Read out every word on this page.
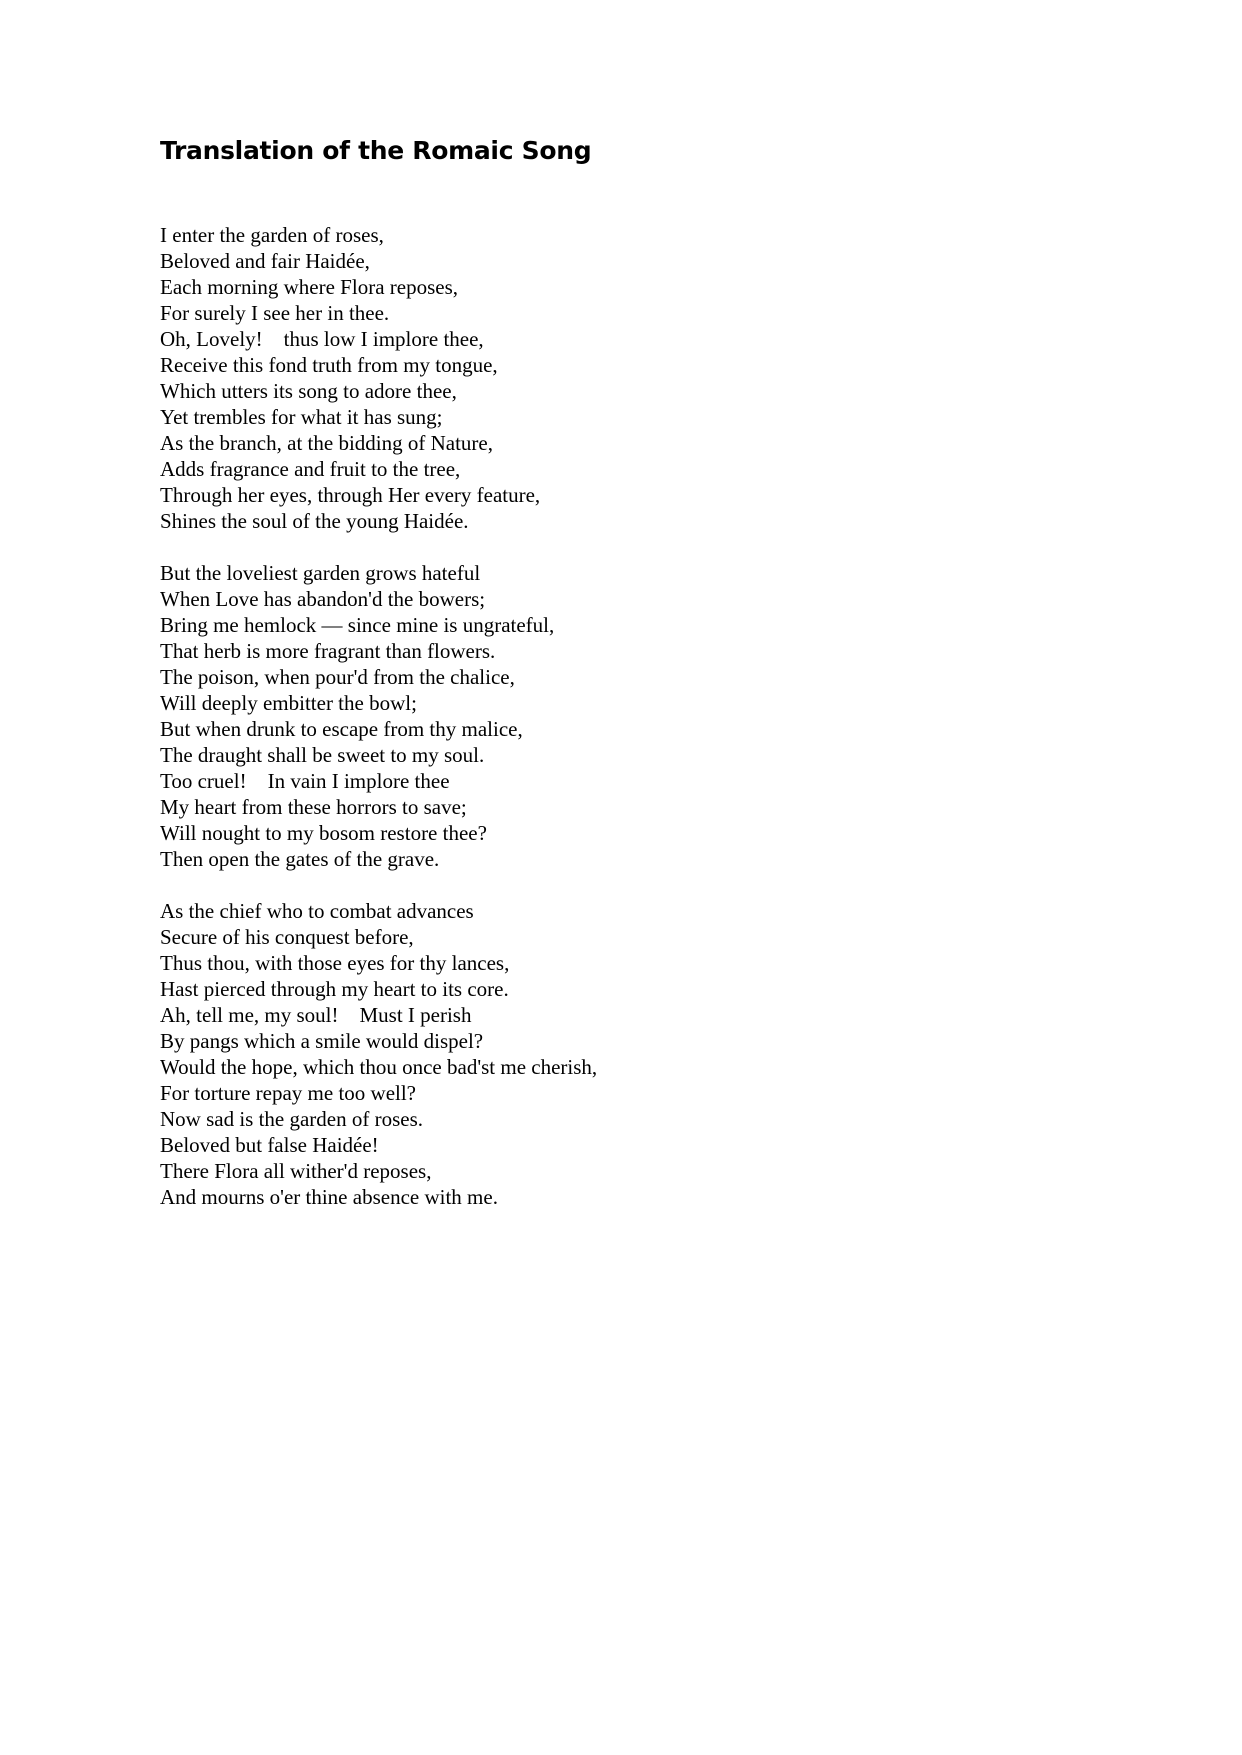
Translation of the Romaic Song
I enter the garden of roses,
Beloved and fair Haidée,
Each morning where Flora reposes,
For surely I see her in thee.
Oh, Lovely!    thus low I implore thee,
Receive this fond truth from my tongue,
Which utters its song to adore thee,
Yet trembles for what it has sung;
As the branch, at the bidding of Nature,
Adds fragrance and fruit to the tree,
Through her eyes, through Her every feature,
Shines the soul of the young Haidée.
But the loveliest garden grows hateful
When Love has abandon'd the bowers;
Bring me hemlock — since mine is ungrateful,
That herb is more fragrant than flowers.
The poison, when pour'd from the chalice,
Will deeply embitter the bowl;
But when drunk to escape from thy malice,
The draught shall be sweet to my soul.
Too cruel!    In vain I implore thee
My heart from these horrors to save;
Will nought to my bosom restore thee?
Then open the gates of the grave.
As the chief who to combat advances
Secure of his conquest before,
Thus thou, with those eyes for thy lances,
Hast pierced through my heart to its core.
Ah, tell me, my soul!    Must I perish
By pangs which a smile would dispel?
Would the hope, which thou once bad'st me cherish,
For torture repay me too well?
Now sad is the garden of roses.
Beloved but false Haidée!
There Flora all wither'd reposes,
And mourns o'er thine absence with me.
